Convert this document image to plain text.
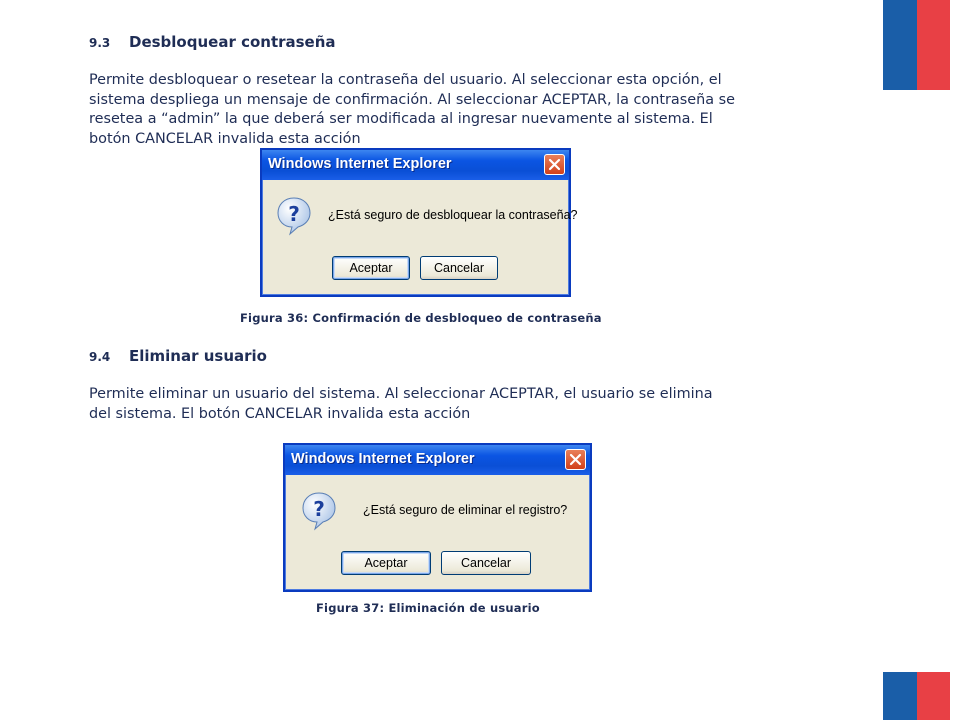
9.3 Desbloquear contraseña
Permite desbloquear o resetear la contraseña del usuario. Al seleccionar esta opción, el
sistema despliega un mensaje de confirmación. Al seleccionar ACEPTAR, la contraseña se
resetea a “admin” la que deberá ser modificada al ingresar nuevamente al sistema. El
botón CANCELAR invalida esta acción
Windows Internet Explorer
? ¿Está seguro de desbloquear la contraseña?
Aceptar	Cancelar
Figura 36: Confirmación de desbloqueo de contraseña
9.4 Eliminar usuario
Permite eliminar un usuario del sistema. Al seleccionar ACEPTAR, el usuario se elimina
del sistema. El botón CANCELAR invalida esta acción
Windows Internet Explorer
?	¿Está seguro de eliminar el registro?
Aceptar	Cancelar
Figura 37: Eliminación de usuario
